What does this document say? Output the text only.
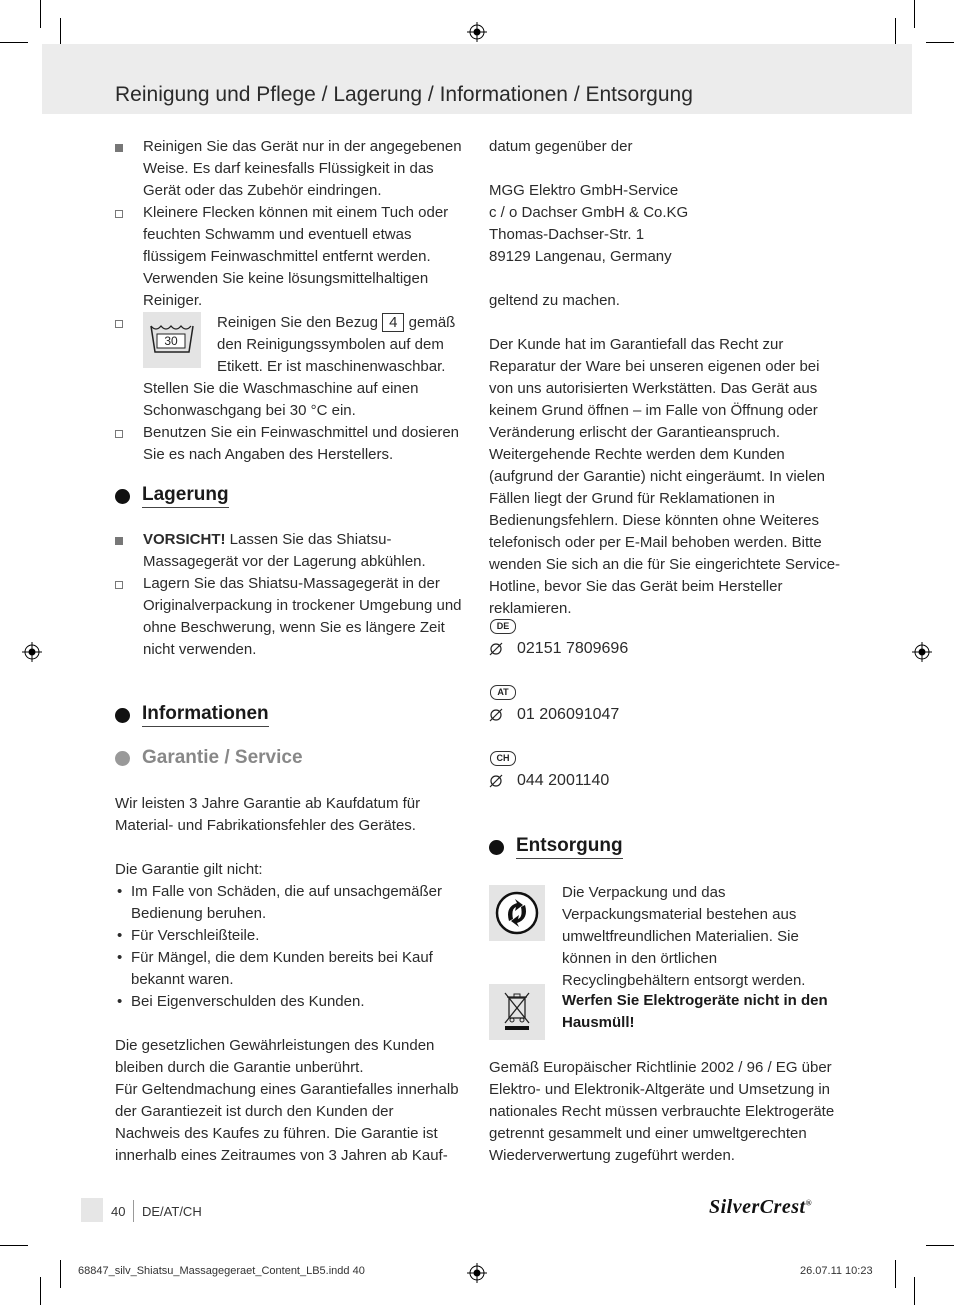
Reinigung und Pflege / Lagerung / Informationen / Entsorgung
Reinigen Sie das Gerät nur in der angegebenen Weise. Es darf keinesfalls Flüssigkeit in das Gerät oder das Zubehör eindringen.
Kleinere Flecken können mit einem Tuch oder feuchten Schwamm und eventuell etwas flüssigem Feinwaschmittel entfernt werden. Verwenden Sie keine lösungsmittelhaltigen Reiniger.
30
Reinigen Sie den Bezug 4 gemäß den Reinigungssymbolen auf dem Etikett. Er ist maschinenwaschbar.
Stellen Sie die Waschmaschine auf einen Schonwaschgang bei 30 °C ein.
Benutzen Sie ein Feinwaschmittel und dosieren Sie es nach Angaben des Herstellers.
Lagerung
VORSICHT! Lassen Sie das Shiatsu-Massagegerät vor der Lagerung abkühlen.
Lagern Sie das Shiatsu-Massagegerät in der Originalverpackung in trockener Umgebung und ohne Beschwerung, wenn Sie es längere Zeit nicht verwenden.
Informationen
Garantie / Service
Wir leisten 3 Jahre Garantie ab Kaufdatum für Material- und Fabrikationsfehler des Gerätes.
Die Garantie gilt nicht:
• Im Falle von Schäden, die auf unsachgemäßer Bedienung beruhen.
• Für Verschleißteile.
• Für Mängel, die dem Kunden bereits bei Kauf bekannt waren.
• Bei Eigenverschulden des Kunden.
Die gesetzlichen Gewährleistungen des Kunden bleiben durch die Garantie unberührt.
Für Geltendmachung eines Garantiefalles innerhalb der Garantiezeit ist durch den Kunden der Nachweis des Kaufes zu führen. Die Garantie ist innerhalb eines Zeitraumes von 3 Jahren ab Kauf-
datum gegenüber der
MGG Elektro GmbH-Service
c / o Dachser GmbH & Co.KG
Thomas-Dachser-Str. 1
89129 Langenau, Germany
geltend zu machen.
Der Kunde hat im Garantiefall das Recht zur Reparatur der Ware bei unseren eigenen oder bei von uns autorisierten Werkstätten. Das Gerät aus keinem Grund öffnen – im Falle von Öffnung oder Veränderung erlischt der Garantieanspruch. Weitergehende Rechte werden dem Kunden (aufgrund der Garantie) nicht eingeräumt. In vielen Fällen liegt der Grund für Reklamationen in Bedienungsfehlern. Diese könnten ohne Weiteres telefonisch oder per E-Mail behoben werden. Bitte wenden Sie sich an die für Sie eingerichtete Service-Hotline, bevor Sie das Gerät beim Hersteller reklamieren.
DE
02151 7809696
AT
01 206091047
CH
044 2001140
Entsorgung
Die Verpackung und das Verpackungsmaterial bestehen aus umweltfreundlichen Materialien. Sie können in den örtlichen Recyclingbehältern entsorgt werden.
Werfen Sie Elektrogeräte nicht in den Hausmüll!
Gemäß Europäischer Richtlinie 2002 / 96 / EG über Elektro- und Elektronik-Altgeräte und Umsetzung in nationales Recht müssen verbrauchte Elektrogeräte getrennt gesammelt und einer umweltgerechten Wiederverwertung zugeführt werden.
40 DE/AT/CH	SilverCrest®
68847_silv_Shiatsu_Massagegeraet_Content_LB5.indd 40	26.07.11 10:23
